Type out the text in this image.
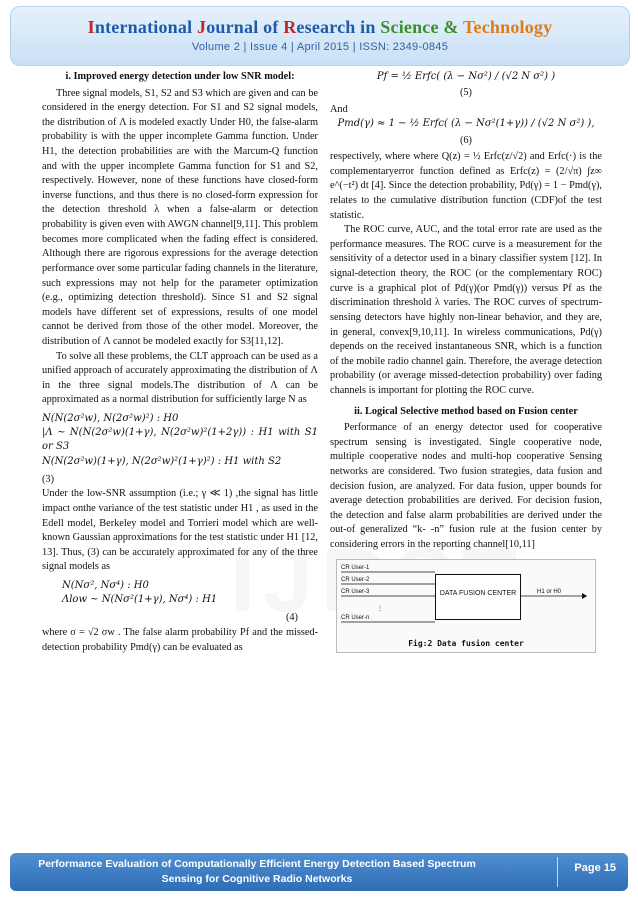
International Journal of Research in Science & Technology
Volume 2 | Issue 4 | April 2015 | ISSN: 2349-0845

i. Improved energy detection under low SNR model:

Three signal models, S1, S2 and S3 which are given and can be considered in the energy detection. For S1 and S2 signal models, the distribution of Λ is modeled exactly Under H0, the false-alarm probability is with the upper incomplete Gamma function. Under H1, the detection probabilities are with the Marcum-Q function and with the upper incomplete Gamma function for S1 and S2, respectively. However, none of these functions have closed-form inverse functions, and thus there is no closed-form expression for the detection threshold λ when a false-alarm or detection probability is given even with AWGN channel[9,11]. This problem becomes more complicated when the fading effect is considered. Although there are rigorous expressions for the average detection performance over some particular fading channels in the literature, such expressions may not help for the parameter optimization (e.g., optimizing detection threshold). Since S1 and S2 signal models have different set of expressions, results of one model cannot be derived from those of the other model. Moreover, the distribution of Λ cannot be modeled exactly for S3[11,12].

To solve all these problems, the CLT approach can be used as a unified approach of accurately approximating the distribution of Λ in the three signal models.The distribution of Λ can be approximated as a normal distribution for sufficiently large N as

N(N(2σ²w), N(2σ²w)²) : H0
|Λ ~ N(N(2σ²w)(1+γ), N(2σ²w)²(1+2γ)) : H1 with S1 or S3
N(N(2σ²w)(1+γ), N(2σ²w)²(1+γ)²) : H1 with S2

(3)

Under the low-SNR assumption (i.e.; γ ≪ 1) ,the signal has little impact onthe variance of the test statistic under H1 , as used in the Edell model, Berkeley model and Torrieri model which are well-known Gaussian approximations for the test statistic under H1 [12, 13]. Thus, (3) can be accurately approximated for any of the three signal models as

N(Nσ², Nσ⁴) : H0
Λlow ~ N(Nσ²(1+γ), Nσ⁴) : H1

(4)

where σ = √2 σw . The false alarm probability Pf and the missed-detection probability Pmd(γ) can be evaluated as

Pf = ½ Erfc( (λ − Nσ²) / (√2 N σ²) )
(5)

And

Pmd(γ) ≈ 1 − ½ Erfc( (λ − Nσ²(1+γ)) / (√2 N σ²) ),
(6)

respectively, where where Q(z) = ½ Erfc(z/√2) and Erfc(·) is the complementaryerror function defined as Erfc(z) = (2/√π) ∫z∞ e^(−t²) dt [4]. Since the detection probability, Pd(γ) = 1 − Pmd(γ), relates to the cumulative distribution function (CDF)of the test statistic.

The ROC curve, AUC, and the total error rate are used as the performance measures. The ROC curve is a measurement for the sensitivity of a detector used in a binary classifier system [12]. In signal-detection theory, the ROC (or the complementary ROC) curve is a graphical plot of Pd(γ)(or Pmd(γ)) versus Pf as the discrimination threshold λ varies. The ROC curves of spectrum-sensing detectors have highly non-linear behavior, and they are, in general, convex[9,10,11]. In wireless communications, Pd(γ) depends on the received instantaneous SNR, which is a function of the mobile radio channel gain. Therefore, the average detection probability (or average missed-detection probability) over fading channels is important for plotting the ROC curve.

ii. Logical Selective method based on Fusion center

Performance of an energy detector used for cooperative spectrum sensing is investigated. Single cooperative node, multiple cooperative nodes and multi-hop cooperative Sensing networks are considered. Two fusion strategies, data fusion and decision fusion, are analyzed. For data fusion, upper bounds for average detection probabilities are derived. For decision fusion, the detection and false alarm probabilities are derived under the out-of generalized “k- -n” fusion rule at the fusion center by considering errors in the reporting channel[10,11]

CR User-1
CR User-2
CR User-3
CR User-n
⋮
DATA FUSION CENTER	H1 or H0
Fig:2 Data fusion center
Performance Evaluation of Computationally Efficient Energy Detection Based Spectrum Sensing for Cognitive Radio Networks
Page 15
